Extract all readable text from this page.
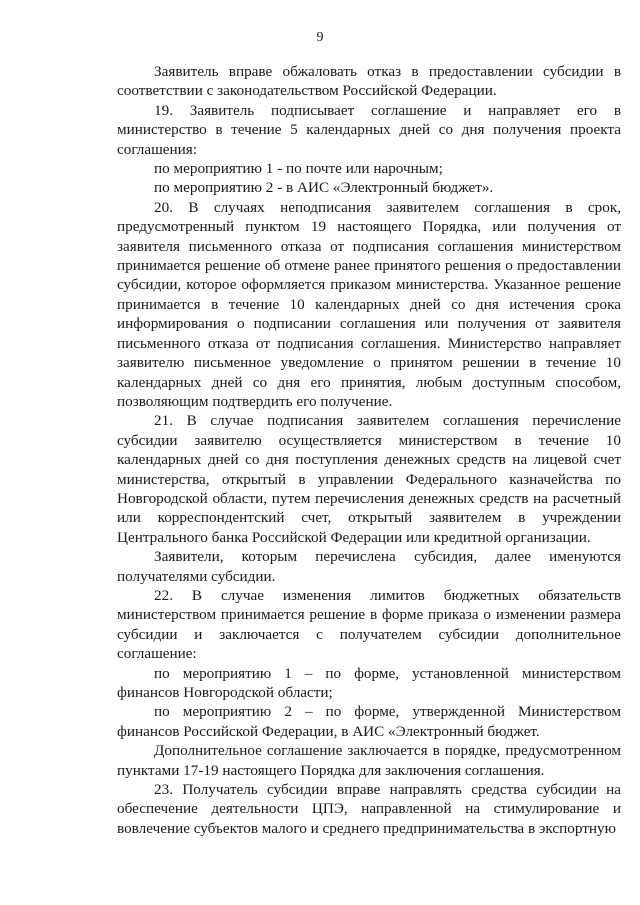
9

Заявитель вправе обжаловать отказ в предоставлении субсидии в соответствии с законодательством Российской Федерации.

19. Заявитель подписывает соглашение и направляет его в министерство в течение 5 календарных дней со дня получения проекта соглашения:

по мероприятию 1 - по почте или нарочным;

по мероприятию 2 - в АИС «Электронный бюджет».

20. В случаях неподписания заявителем соглашения в срок, предусмотренный пунктом 19 настоящего Порядка, или получения от заявителя письменного отказа от подписания соглашения министерством принимается решение об отмене ранее принятого решения о предоставлении субсидии, которое оформляется приказом министерства. Указанное решение принимается в течение 10 календарных дней со дня истечения срока информирования о подписании соглашения или получения от заявителя письменного отказа от подписания соглашения. Министерство направляет заявителю письменное уведомление о принятом решении в течение 10 календарных дней со дня его принятия, любым доступным способом, позволяющим подтвердить его получение.

21. В случае подписания заявителем соглашения перечисление субсидии заявителю осуществляется министерством в течение 10 календарных дней со дня поступления денежных средств на лицевой счет министерства, открытый в управлении Федерального казначейства по Новгородской области, путем перечисления денежных средств на расчетный или корреспондентский счет, открытый заявителем в учреждении Центрального банка Российской Федерации или кредитной организации.

Заявители, которым перечислена субсидия, далее именуются получателями субсидии.

22. В случае изменения лимитов бюджетных обязательств министерством принимается решение в форме приказа о изменении размера субсидии и заключается с получателем субсидии дополнительное соглашение:

по мероприятию 1 – по форме, установленной министерством финансов Новгородской области;

по мероприятию 2 – по форме, утвержденной Министерством финансов Российской Федерации, в АИС «Электронный бюджет.

Дополнительное соглашение заключается в порядке, предусмотренном пунктами 17-19 настоящего Порядка для заключения соглашения.

23. Получатель субсидии вправе направлять средства субсидии на обеспечение деятельности ЦПЭ, направленной на стимулирование и вовлечение субъектов малого и среднего предпринимательства в экспортную
